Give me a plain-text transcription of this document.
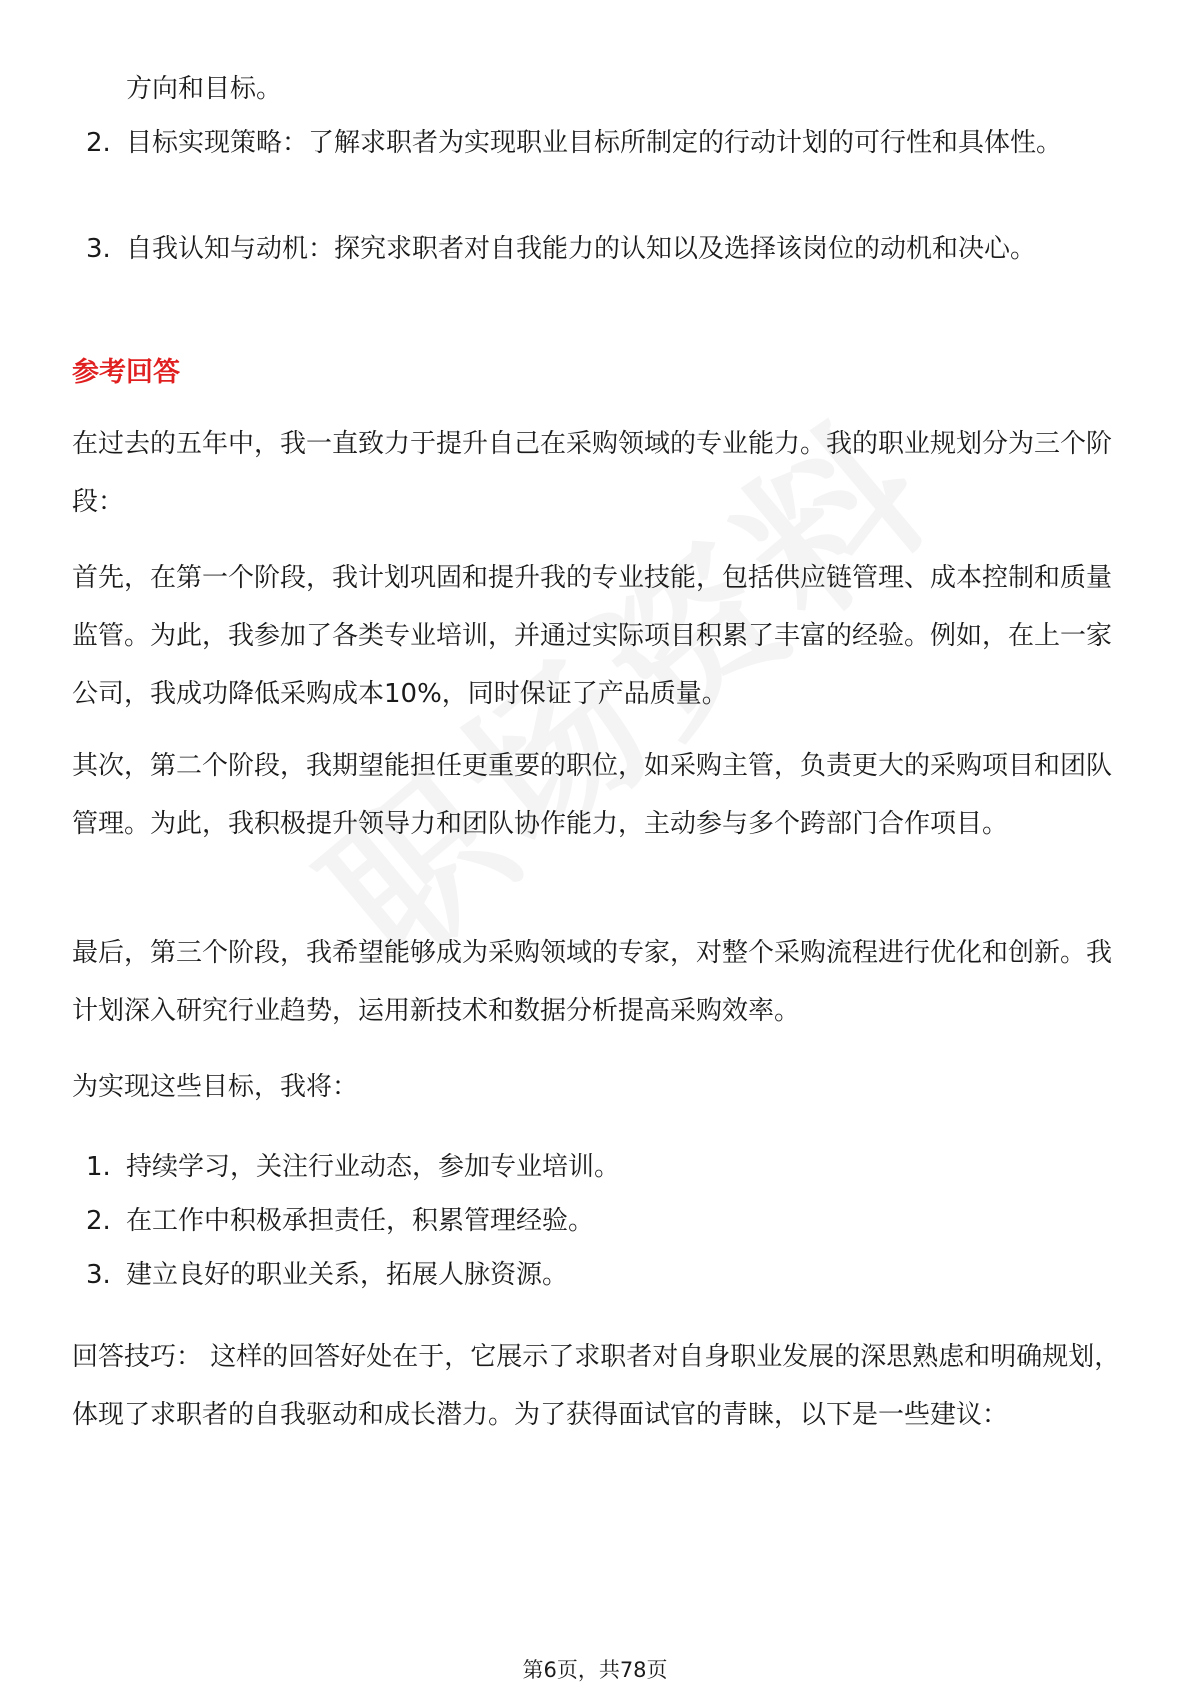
方向和目标。
2. 目标实现策略：了解求职者为实现职业目标所制定的行动计划的可行性和具体性。
3. 自我认知与动机：探究求职者对自我能力的认知以及选择该岗位的动机和决心。
参考回答
在过去的五年中，我一直致力于提升自己在采购领域的专业能力。我的职业规划分为三个阶段：
首先，在第一个阶段，我计划巩固和提升我的专业技能，包括供应链管理、成本控制和质量监管。为此，我参加了各类专业培训，并通过实际项目积累了丰富的经验。例如，在上一家公司，我成功降低采购成本10%，同时保证了产品质量。
其次，第二个阶段，我期望能担任更重要的职位，如采购主管，负责更大的采购项目和团队管理。为此，我积极提升领导力和团队协作能力，主动参与多个跨部门合作项目。
最后，第三个阶段，我希望能够成为采购领域的专家，对整个采购流程进行优化和创新。我计划深入研究行业趋势，运用新技术和数据分析提高采购效率。
为实现这些目标，我将：
1. 持续学习，关注行业动态，参加专业培训。
2. 在工作中积极承担责任，积累管理经验。
3. 建立良好的职业关系，拓展人脉资源。
回答技巧： 这样的回答好处在于，它展示了求职者对自身职业发展的深思熟虑和明确规划，体现了求职者的自我驱动和成长潜力。为了获得面试官的青睐，以下是一些建议：
第6页，共78页
